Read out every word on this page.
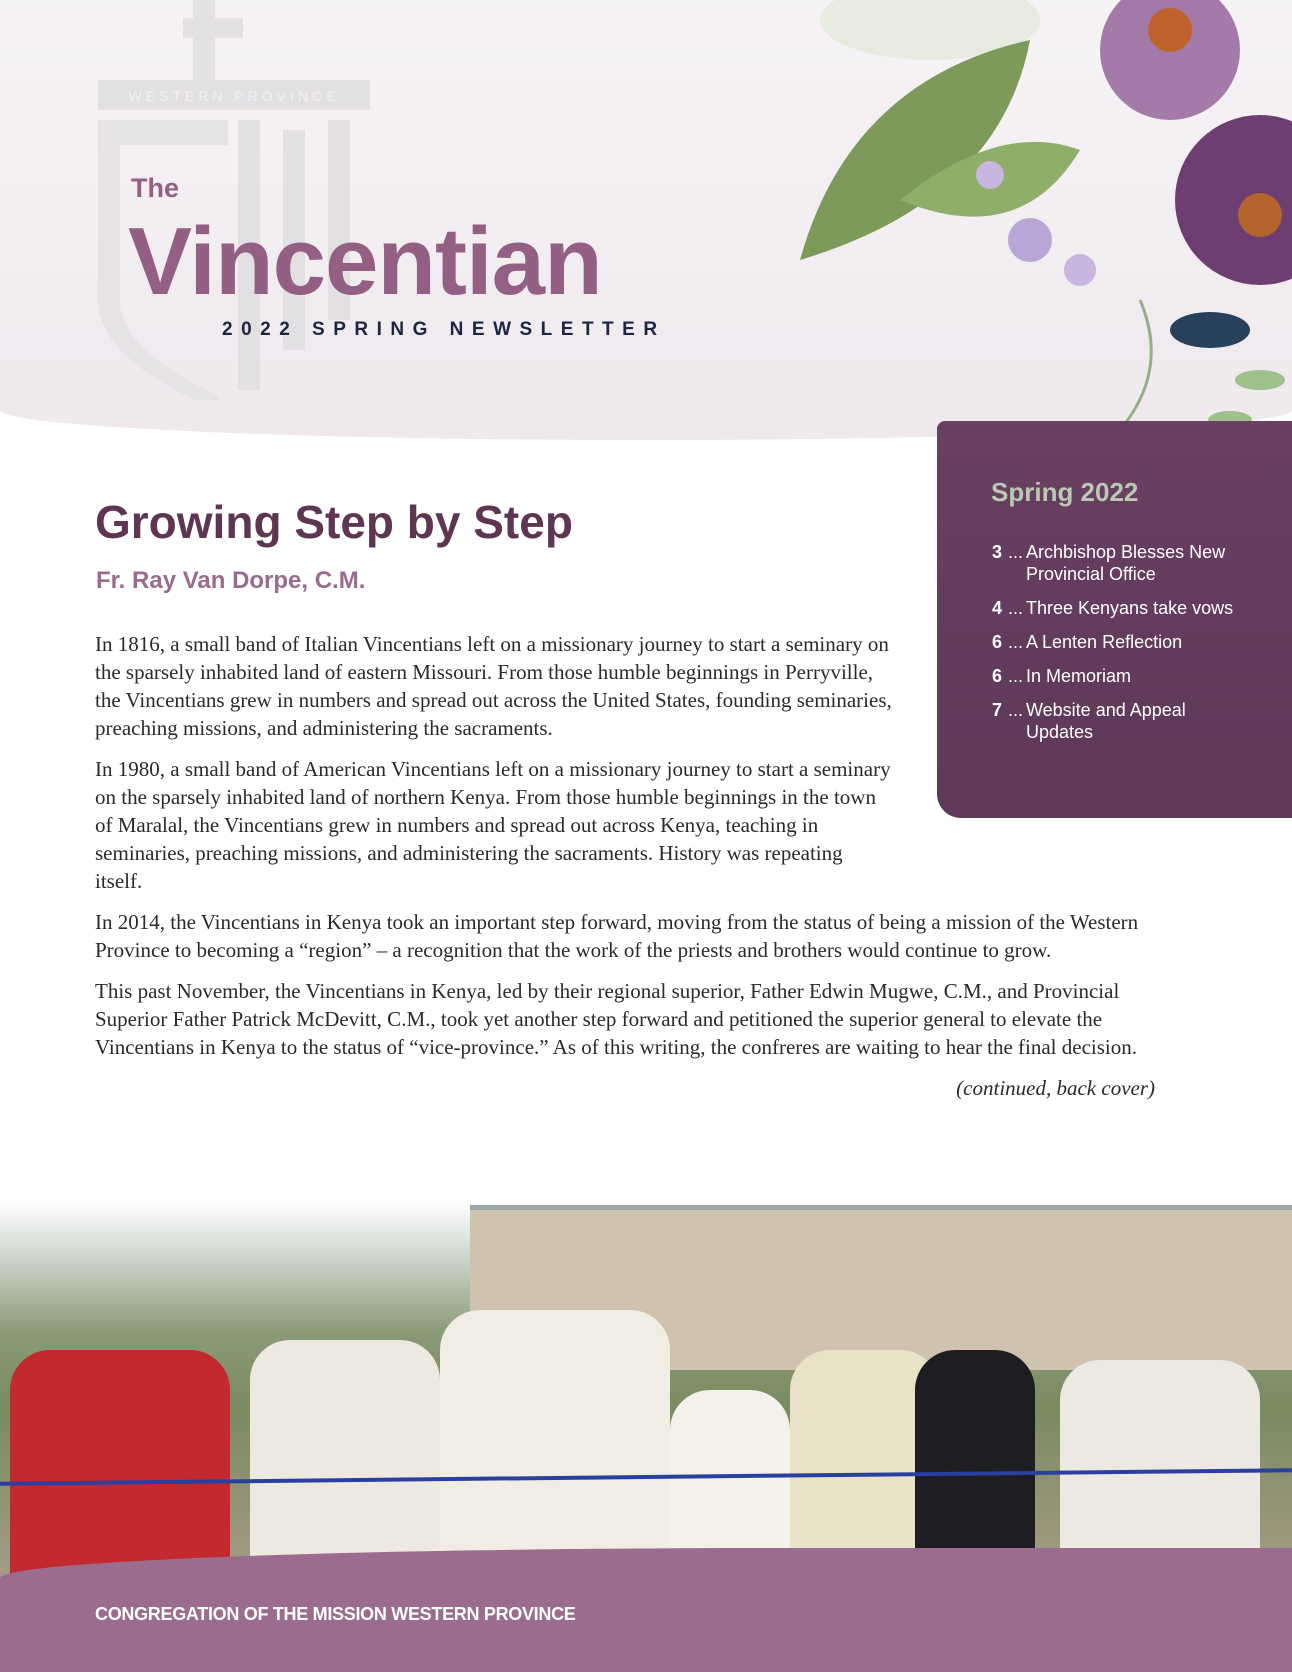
WESTERN PROVINCE
The
Vincentian
2022 SPRING NEWSLETTER
Spring 2022
3 ... Archbishop Blesses New Provincial Office
4 ... Three Kenyans take vows
6 ... A Lenten Reflection
6 ... In Memoriam
7 ... Website and Appeal Updates
Growing Step by Step
Fr. Ray Van Dorpe, C.M.

In 1816, a small band of Italian Vincentians left on a missionary journey to start a seminary on the sparsely inhabited land of eastern Missouri. From those humble beginnings in Perryville, the Vincentians grew in numbers and spread out across the United States, founding seminaries, preaching missions, and administering the sacraments.

In 1980, a small band of American Vincentians left on a missionary journey to start a seminary on the sparsely inhabited land of northern Kenya. From those humble beginnings in the town of Maralal, the Vincentians grew in numbers and spread out across Kenya, teaching in seminaries, preaching missions, and administering the sacraments. History was repeating itself.

In 2014, the Vincentians in Kenya took an important step forward, moving from the status of being a mission of the Western Province to becoming a “region” – a recognition that the work of the priests and brothers would continue to grow.

This past November, the Vincentians in Kenya, led by their regional superior, Father Edwin Mugwe, C.M., and Provincial Superior Father Patrick McDevitt, C.M., took yet another step forward and petitioned the superior general to elevate the Vincentians in Kenya to the status of “vice-province.” As of this writing, the confreres are waiting to hear the final decision.

(continued, back cover)
CONGREGATION OF THE MISSION WESTERN PROVINCE
